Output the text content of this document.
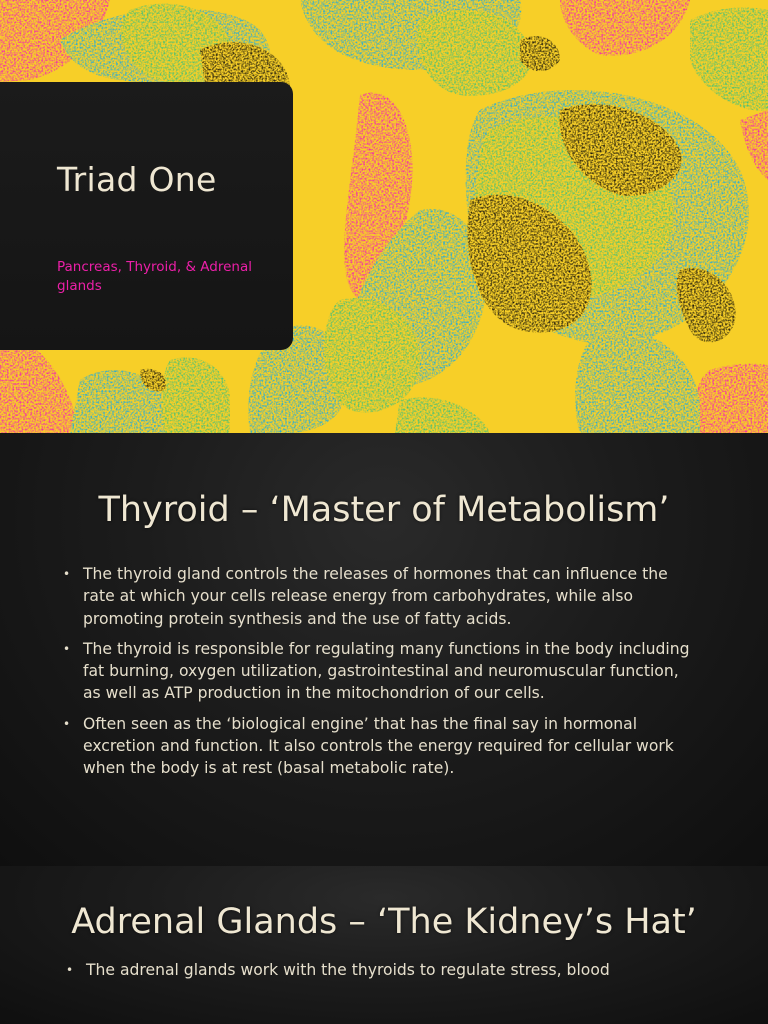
Triad One

Pancreas, Thyroid, & Adrenal glands

Thyroid – ‘Master of Metabolism’
• The thyroid gland controls the releases of hormones that can influence the rate at which your cells release energy from carbohydrates, while also promoting protein synthesis and the use of fatty acids.
• The thyroid is responsible for regulating many functions in the body including fat burning, oxygen utilization, gastrointestinal and neuromuscular function, as well as ATP production in the mitochondrion of our cells.
• Often seen as the ‘biological engine’ that has the final say in hormonal excretion and function. It also controls the energy required for cellular work when the body is at rest (basal metabolic rate).
Adrenal Glands – ‘The Kidney’s Hat’
• The adrenal glands work with the thyroids to regulate stress, blood
